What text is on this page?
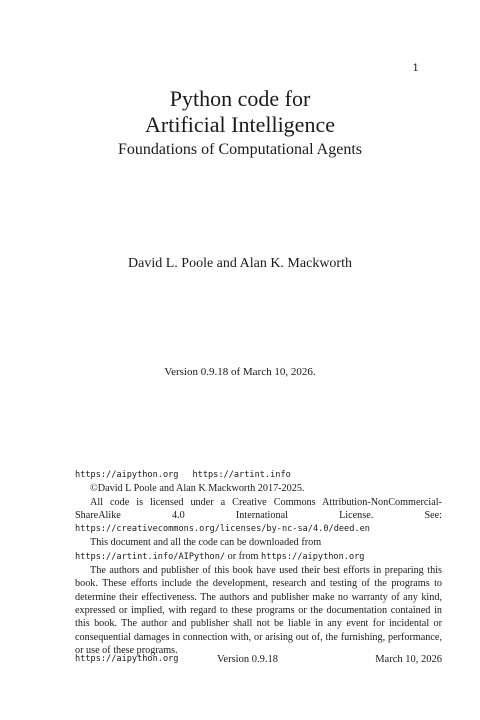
1
Python code for
Artificial Intelligence
Foundations of Computational Agents
David L. Poole and Alan K. Mackworth
Version 0.9.18 of March 10, 2026.

https://aipython.org https://artint.info

©David L Poole and Alan K Mackworth 2017-2025.

All code is licensed under a Creative Commons Attribution-NonCommercial-ShareAlike 4.0 International License. See: https://creativecommons.org/licenses/by-nc-sa/4.0/deed.en

This document and all the code can be downloaded from
https://artint.info/AIPython/ or from https://aipython.org

The authors and publisher of this book have used their best efforts in preparing this book. These efforts include the development, research and testing of the programs to determine their effectiveness. The authors and publisher make no warranty of any kind, expressed or implied, with regard to these programs or the documentation contained in this book. The author and publisher shall not be liable in any event for incidental or consequential damages in connection with, or arising out of, the furnishing, performance, or use of these programs.

https://aipython.org	Version 0.9.18	March 10, 2026
